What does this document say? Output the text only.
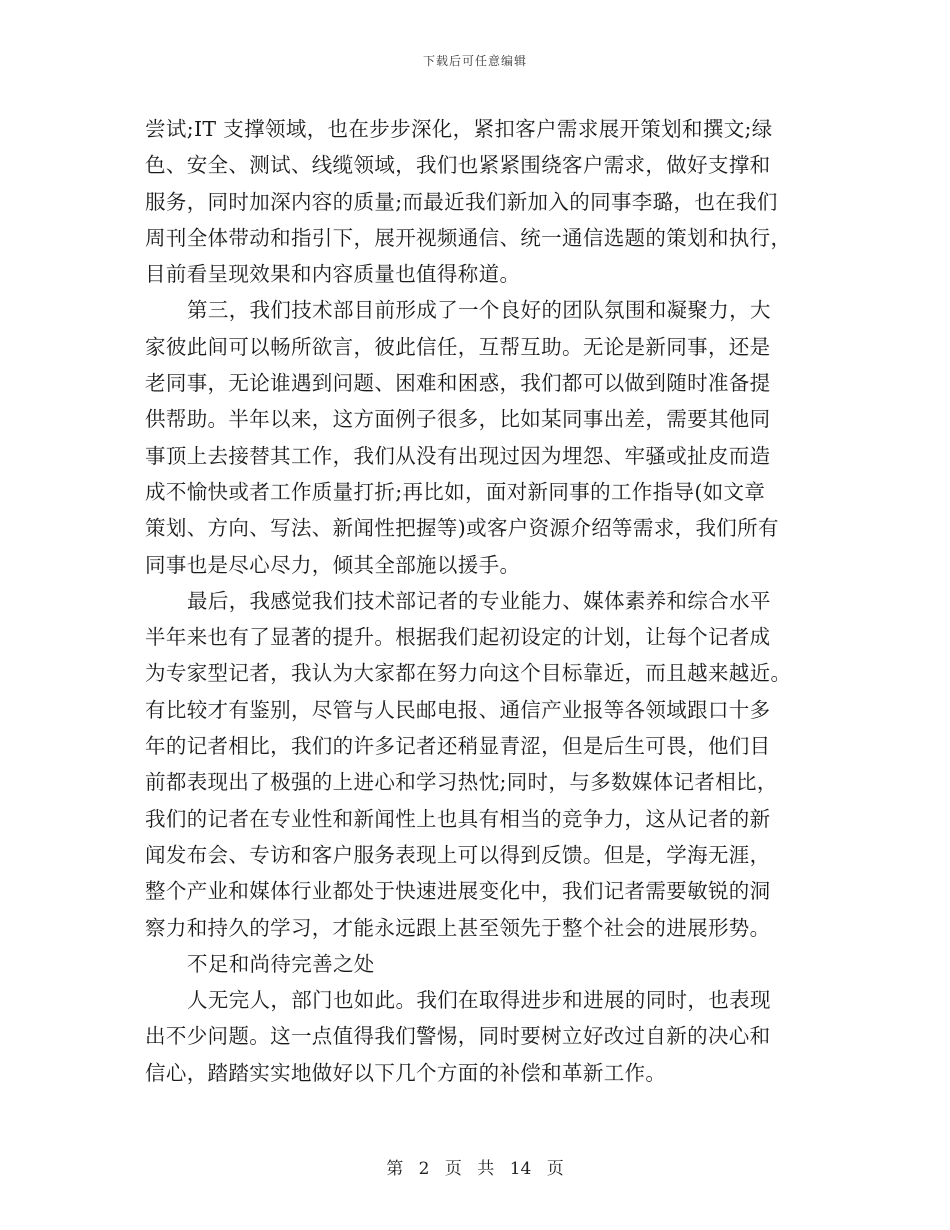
下载后可任意编辑
尝试;IT 支撑领域，也在步步深化，紧扣客户需求展开策划和撰文;绿
色、安全、测试、线缆领域，我们也紧紧围绕客户需求，做好支撑和
服务，同时加深内容的质量;而最近我们新加入的同事李璐，也在我们
周刊全体带动和指引下，展开视频通信、统一通信选题的策划和执行，
目前看呈现效果和内容质量也值得称道。
第三，我们技术部目前形成了一个良好的团队氛围和凝聚力，大
家彼此间可以畅所欲言，彼此信任，互帮互助。无论是新同事，还是
老同事，无论谁遇到问题、困难和困惑，我们都可以做到随时准备提
供帮助。半年以来，这方面例子很多，比如某同事出差，需要其他同
事顶上去接替其工作，我们从没有出现过因为埋怨、牢骚或扯皮而造
成不愉快或者工作质量打折;再比如，面对新同事的工作指导(如文章
策划、方向、写法、新闻性把握等)或客户资源介绍等需求，我们所有
同事也是尽心尽力，倾其全部施以援手。
最后，我感觉我们技术部记者的专业能力、媒体素养和综合水平
半年来也有了显著的提升。根据我们起初设定的计划，让每个记者成
为专家型记者，我认为大家都在努力向这个目标靠近，而且越来越近。
有比较才有鉴别，尽管与人民邮电报、通信产业报等各领域跟口十多
年的记者相比，我们的许多记者还稍显青涩，但是后生可畏，他们目
前都表现出了极强的上进心和学习热忱;同时，与多数媒体记者相比，
我们的记者在专业性和新闻性上也具有相当的竞争力，这从记者的新
闻发布会、专访和客户服务表现上可以得到反馈。但是，学海无涯，
整个产业和媒体行业都处于快速进展变化中，我们记者需要敏锐的洞
察力和持久的学习，才能永远跟上甚至领先于整个社会的进展形势。
不足和尚待完善之处
人无完人，部门也如此。我们在取得进步和进展的同时，也表现
出不少问题。这一点值得我们警惕，同时要树立好改过自新的决心和
信心，踏踏实实地做好以下几个方面的补偿和革新工作。
第 2 页 共 14 页
